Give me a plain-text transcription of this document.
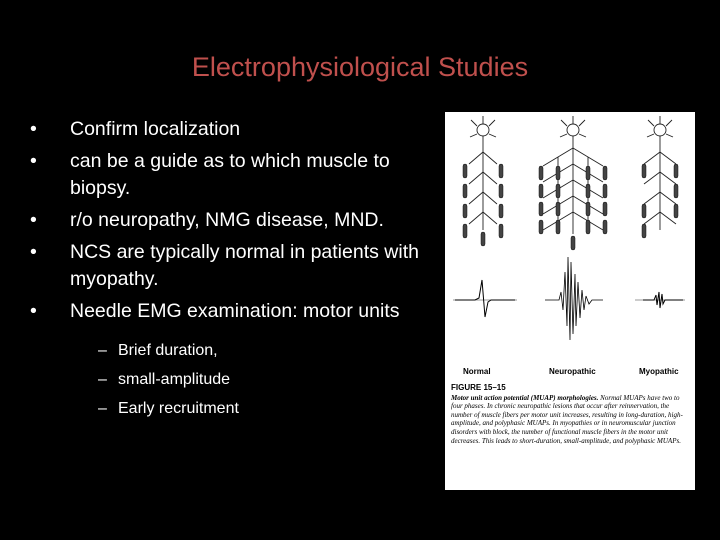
Electrophysiological Studies
• Confirm localization
• can be a guide as to which muscle to biopsy.
• r/o neuropathy, NMG disease, MND.
• NCS are typically normal in patients with myopathy.
• Needle EMG examination: motor units
– Brief duration,
– small-amplitude
– Early recruitment
Normal	Neuropathic	Myopathic
FIGURE 15–15
Motor unit action potential (MUAP) morphologies. Normal MUAPs have two to four phases. In chronic neuropathic lesions that occur after reinnervation, the number of muscle fibers per motor unit increases, resulting in long-duration, high-amplitude, and polyphasic MUAPs. In myopathies or in neuromuscular junction disorders with block, the number of functional muscle fibers in the motor unit decreases. This leads to short-duration, small-amplitude, and polyphasic MUAPs.
